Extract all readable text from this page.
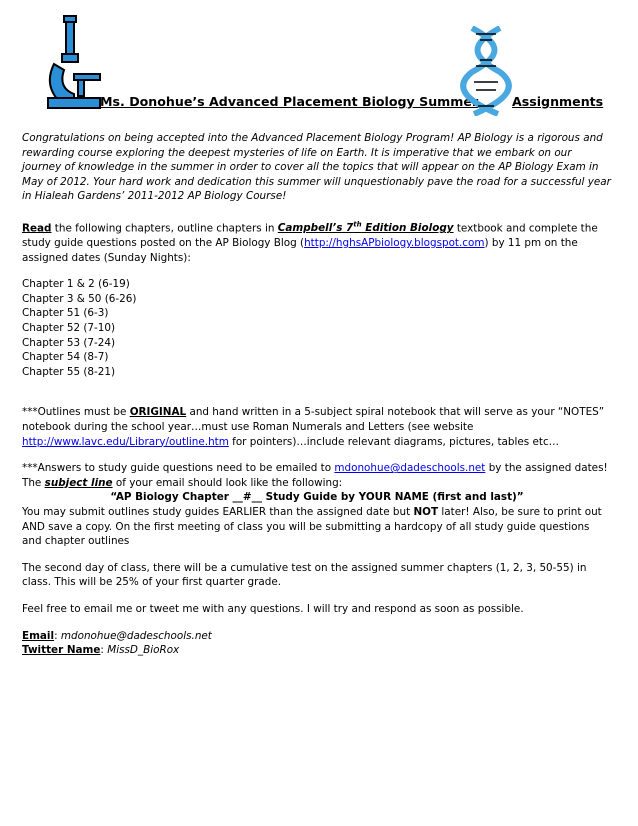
Ms. Donohue’s Advanced Placement Biology Summer	Assignments

Congratulations on being accepted into the Advanced Placement Biology Program! AP Biology is a rigorous and rewarding course exploring the deepest mysteries of life on Earth. It is imperative that we embark on our journey of knowledge in the summer in order to cover all the topics that will appear on the AP Biology Exam in May of 2012. Your hard work and dedication this summer will unquestionably pave the road for a successful year in Hialeah Gardens’ 2011-2012 AP Biology Course!

Read the following chapters, outline chapters in Campbell’s 7th Edition Biology textbook and complete the study guide questions posted on the AP Biology Blog (http://hghsAPbiology.blogspot.com) by 11 pm on the assigned dates (Sunday Nights):

Chapter 1 & 2 (6-19)
Chapter 3 & 50 (6-26)
Chapter 51 (6-3)
Chapter 52 (7-10)
Chapter 53 (7-24)
Chapter 54 (8-7)
Chapter 55 (8-21)

***Outlines must be ORIGINAL and hand written in a 5-subject spiral notebook that will serve as your “NOTES” notebook during the school year…must use Roman Numerals and Letters (see website http://www.lavc.edu/Library/outline.htm for pointers)…include relevant diagrams, pictures, tables etc…

***Answers to study guide questions need to be emailed to mdonohue@dadeschools.net by the assigned dates! The subject line of your email should look like the following:

“AP Biology Chapter __#__ Study Guide by YOUR NAME (first and last)”

You may submit outlines study guides EARLIER than the assigned date but NOT later! Also, be sure to print out AND save a copy. On the first meeting of class you will be submitting a hardcopy of all study guide questions and chapter outlines

The second day of class, there will be a cumulative test on the assigned summer chapters (1, 2, 3, 50-55) in class. This will be 25% of your first quarter grade.

Feel free to email me or tweet me with any questions. I will try and respond as soon as possible.

Email: mdonohue@dadeschools.net
Twitter Name: MissD_BioRox
